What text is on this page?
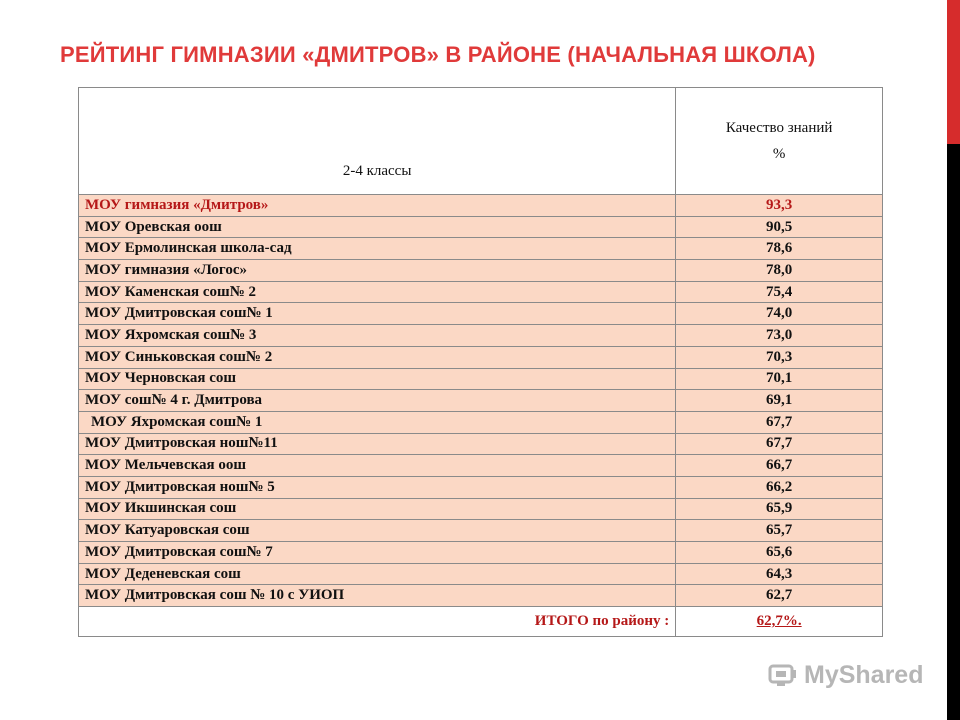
РЕЙТИНГ ГИМНАЗИИ «ДМИТРОВ» В РАЙОНЕ (НАЧАЛЬНАЯ ШКОЛА)
2-4 классы	Качество знаний
%
МОУ гимназия «Дмитров»	93,3
МОУ Оревская оош	90,5
МОУ Ермолинская школа-сад	78,6
МОУ гимназия «Логос»	78,0
МОУ Каменская сош№ 2	75,4
МОУ Дмитровская сош№ 1	74,0
МОУ Яхромская сош№ 3	73,0
МОУ Синьковская сош№ 2	70,3
МОУ Черновская сош	70,1
МОУ сош№ 4 г. Дмитрова	69,1
МОУ Яхромская сош№ 1	67,7
МОУ Дмитровская нош№11	67,7
МОУ Мельчевская оош	66,7
МОУ Дмитровская нош№ 5	66,2
МОУ Икшинская сош	65,9
МОУ Катуаровская сош	65,7
МОУ Дмитровская сош№ 7	65,6
МОУ Деденевская сош	64,3
МОУ Дмитровская сош № 10 с УИОП	62,7
ИТОГО по району :	62,7%.
MyShared
